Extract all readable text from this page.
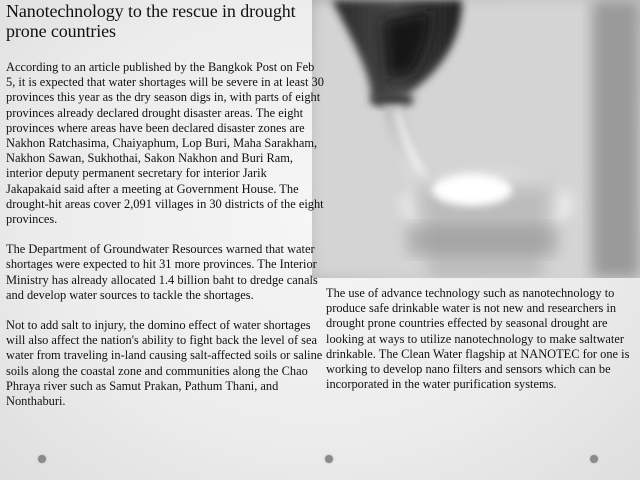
Nanotechnology to the rescue in drought prone countries

According to an article published by the Bangkok Post on Feb 5, it is expected that water shortages will be severe in at least 30 provinces this year as the dry season digs in, with parts of eight provinces already declared drought disaster areas. The eight provinces where areas have been declared disaster zones are Nakhon Ratchasima, Chaiyaphum, Lop Buri, Maha Sarakham, Nakhon Sawan, Sukhothai, Sakon Nakhon and Buri Ram, interior deputy permanent secretary for interior Jarik Jakapakaid said after a meeting at Government House. The drought-hit areas cover 2,091 villages in 30 districts of the eight provinces.

The Department of Groundwater Resources warned that water shortages were expected to hit 31 more provinces. The Interior Ministry has already allocated 1.4 billion baht to dredge canals and develop water sources to tackle the shortages.

Not to add salt to injury, the domino effect of water shortages will also affect the nation's ability to fight back the level of sea water from traveling in-land causing salt-affected soils or saline soils along the coastal zone and communities along the Chao Phraya river such as Samut Prakan, Pathum Thani, and Nonthaburi.

The use of advance technology such as nanotechnology to produce safe drinkable water is not new and researchers in drought prone countries effected by seasonal drought are looking at ways to utilize nanotechnology to make saltwater drinkable. The Clean Water flagship at NANOTEC for one is working to develop nano filters and sensors which can be incorporated in the water purification systems.
